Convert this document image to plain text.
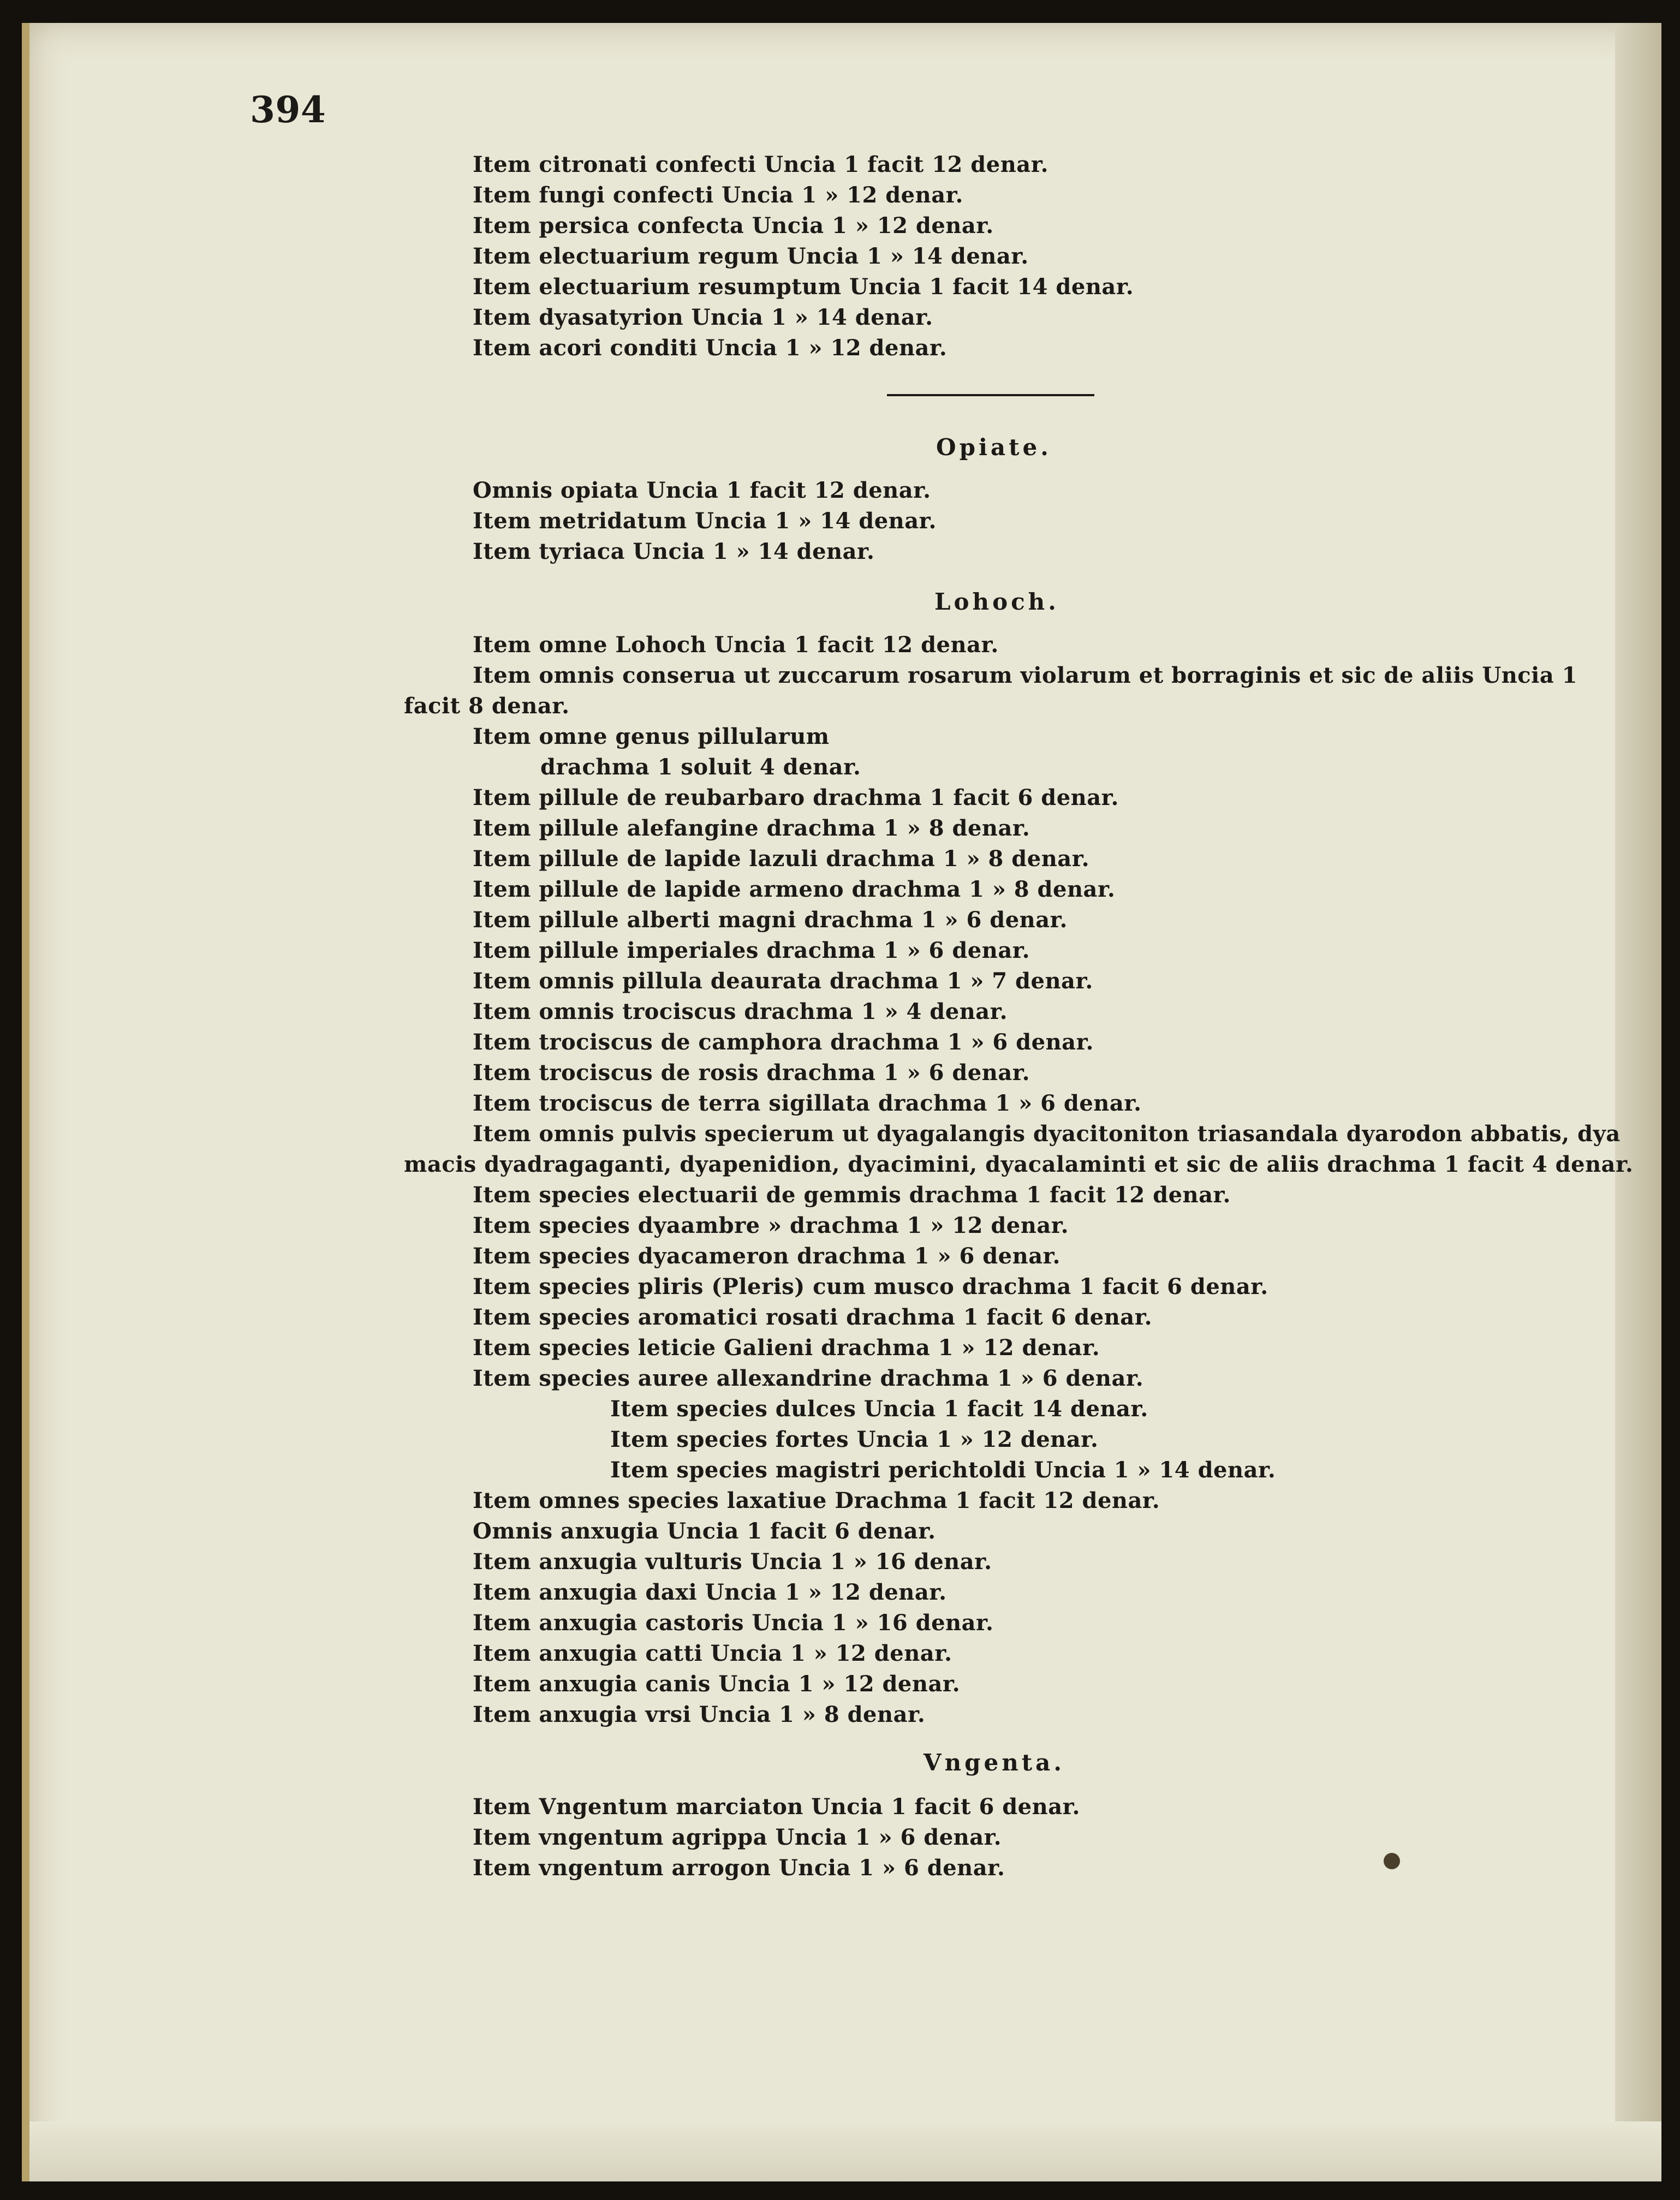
394
Item citronati confecti Uncia 1 facit 12 denar.
Item fungi confecti Uncia 1 » 12 denar.
Item persica confecta Uncia 1 » 12 denar.
Item electuarium regum Uncia 1 » 14 denar.
Item electuarium resumptum Uncia 1 facit 14 denar.
Item dyasatyrion Uncia 1 » 14 denar.
Item acori conditi Uncia 1 » 12 denar.
Opiate.
Omnis opiata Uncia 1 facit 12 denar.
Item metridatum Uncia 1 » 14 denar.
Item tyriaca Uncia 1 » 14 denar.
Lohoch.
Item omne Lohoch Uncia 1 facit 12 denar.
Item omnis conserua ut zuccarum rosarum violarum et borraginis et sic de aliis Uncia 1
facit 8 denar.
Item omne genus pillularum
drachma 1 soluit 4 denar.
Item pillule de reubarbaro drachma 1 facit 6 denar.
Item pillule alefangine drachma 1 » 8 denar.
Item pillule de lapide lazuli drachma 1 » 8 denar.
Item pillule de lapide armeno drachma 1 » 8 denar.
Item pillule alberti magni drachma 1 » 6 denar.
Item pillule imperiales drachma 1 » 6 denar.
Item omnis pillula deaurata drachma 1 » 7 denar.
Item omnis trociscus drachma 1 » 4 denar.
Item trociscus de camphora drachma 1 » 6 denar.
Item trociscus de rosis drachma 1 » 6 denar.
Item trociscus de terra sigillata drachma 1 » 6 denar.
Item omnis pulvis specierum ut dyagalangis dyacitoniton triasandala dyarodon abbatis, dya
macis dyadragaganti, dyapenidion, dyacimini, dyacalaminti et sic de aliis drachma 1 facit 4 denar.
Item species electuarii de gemmis drachma 1 facit 12 denar.
Item species dyaambre » drachma 1 » 12 denar.
Item species dyacameron drachma 1 » 6 denar.
Item species pliris (Pleris) cum musco drachma 1 facit 6 denar.
Item species aromatici rosati drachma 1 facit 6 denar.
Item species leticie Galieni drachma 1 » 12 denar.
Item species auree allexandrine drachma 1 » 6 denar.
Item species dulces Uncia 1 facit 14 denar.
Item species fortes Uncia 1 » 12 denar.
Item species magistri perichtoldi Uncia 1 » 14 denar.
Item omnes species laxatiue Drachma 1 facit 12 denar.
Omnis anxugia Uncia 1 facit 6 denar.
Item anxugia vulturis Uncia 1 » 16 denar.
Item anxugia daxi Uncia 1 » 12 denar.
Item anxugia castoris Uncia 1 » 16 denar.
Item anxugia catti Uncia 1 » 12 denar.
Item anxugia canis Uncia 1 » 12 denar.
Item anxugia vrsi Uncia 1 » 8 denar.
Vngenta.
Item Vngentum marciaton Uncia 1 facit 6 denar.
Item vngentum agrippa Uncia 1 » 6 denar.
Item vngentum arrogon Uncia 1 » 6 denar.
